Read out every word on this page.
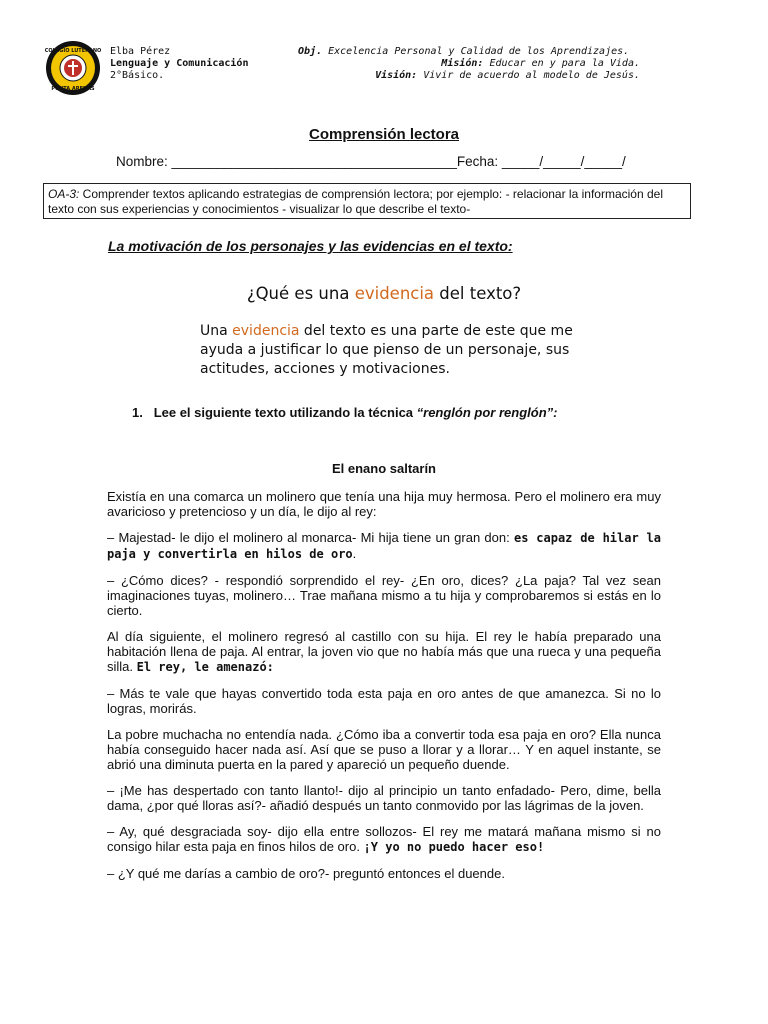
COLEGIO LUTERANO
PUNTA ARENAS
Elba Pérez
Lenguaje y Comunicación
2°Básico.
Obj. Excelencia Personal y Calidad de los Aprendizajes.
Misión: Educar en y para la Vida.
Visión: Vivir de acuerdo al modelo de Jesús.
Comprensión lectora
Nombre: ______________________________________Fecha: _____/_____/_____/
OA-3: Comprender textos aplicando estrategias de comprensión lectora; por ejemplo: - relacionar la información del texto con sus experiencias y conocimientos - visualizar lo que describe el texto-
La motivación de los personajes y las evidencias en el texto:
¿Qué es una evidencia del texto?
Una evidencia del texto es una parte de este que me ayuda a justificar lo que pienso de un personaje, sus actitudes, acciones y motivaciones.
1. Lee el siguiente texto utilizando la técnica “renglón por renglón”:
El enano saltarín

Existía en una comarca un molinero que tenía una hija muy hermosa. Pero el molinero era muy avaricioso y pretencioso y un día, le dijo al rey:

– Majestad- le dijo el molinero al monarca- Mi hija tiene un gran don: es capaz de hilar la paja y convertirla en hilos de oro.

– ¿Cómo dices? - respondió sorprendido el rey- ¿En oro, dices? ¿La paja? Tal vez sean imaginaciones tuyas, molinero… Trae mañana mismo a tu hija y comprobaremos si estás en lo cierto.

Al día siguiente, el molinero regresó al castillo con su hija. El rey le había preparado una habitación llena de paja. Al entrar, la joven vio que no había más que una rueca y una pequeña silla. El rey, le amenazó:

– Más te vale que hayas convertido toda esta paja en oro antes de que amanezca. Si no lo logras, morirás.

La pobre muchacha no entendía nada. ¿Cómo iba a convertir toda esa paja en oro? Ella nunca había conseguido hacer nada así. Así que se puso a llorar y a llorar… Y en aquel instante, se abrió una diminuta puerta en la pared y apareció un pequeño duende.

– ¡Me has despertado con tanto llanto!- dijo al principio un tanto enfadado- Pero, dime, bella dama, ¿por qué lloras así?- añadió después un tanto conmovido por las lágrimas de la joven.

– Ay, qué desgraciada soy- dijo ella entre sollozos- El rey me matará mañana mismo si no consigo hilar esta paja en finos hilos de oro. ¡Y yo no puedo hacer eso!

– ¿Y qué me darías a cambio de oro?- preguntó entonces el duende.
